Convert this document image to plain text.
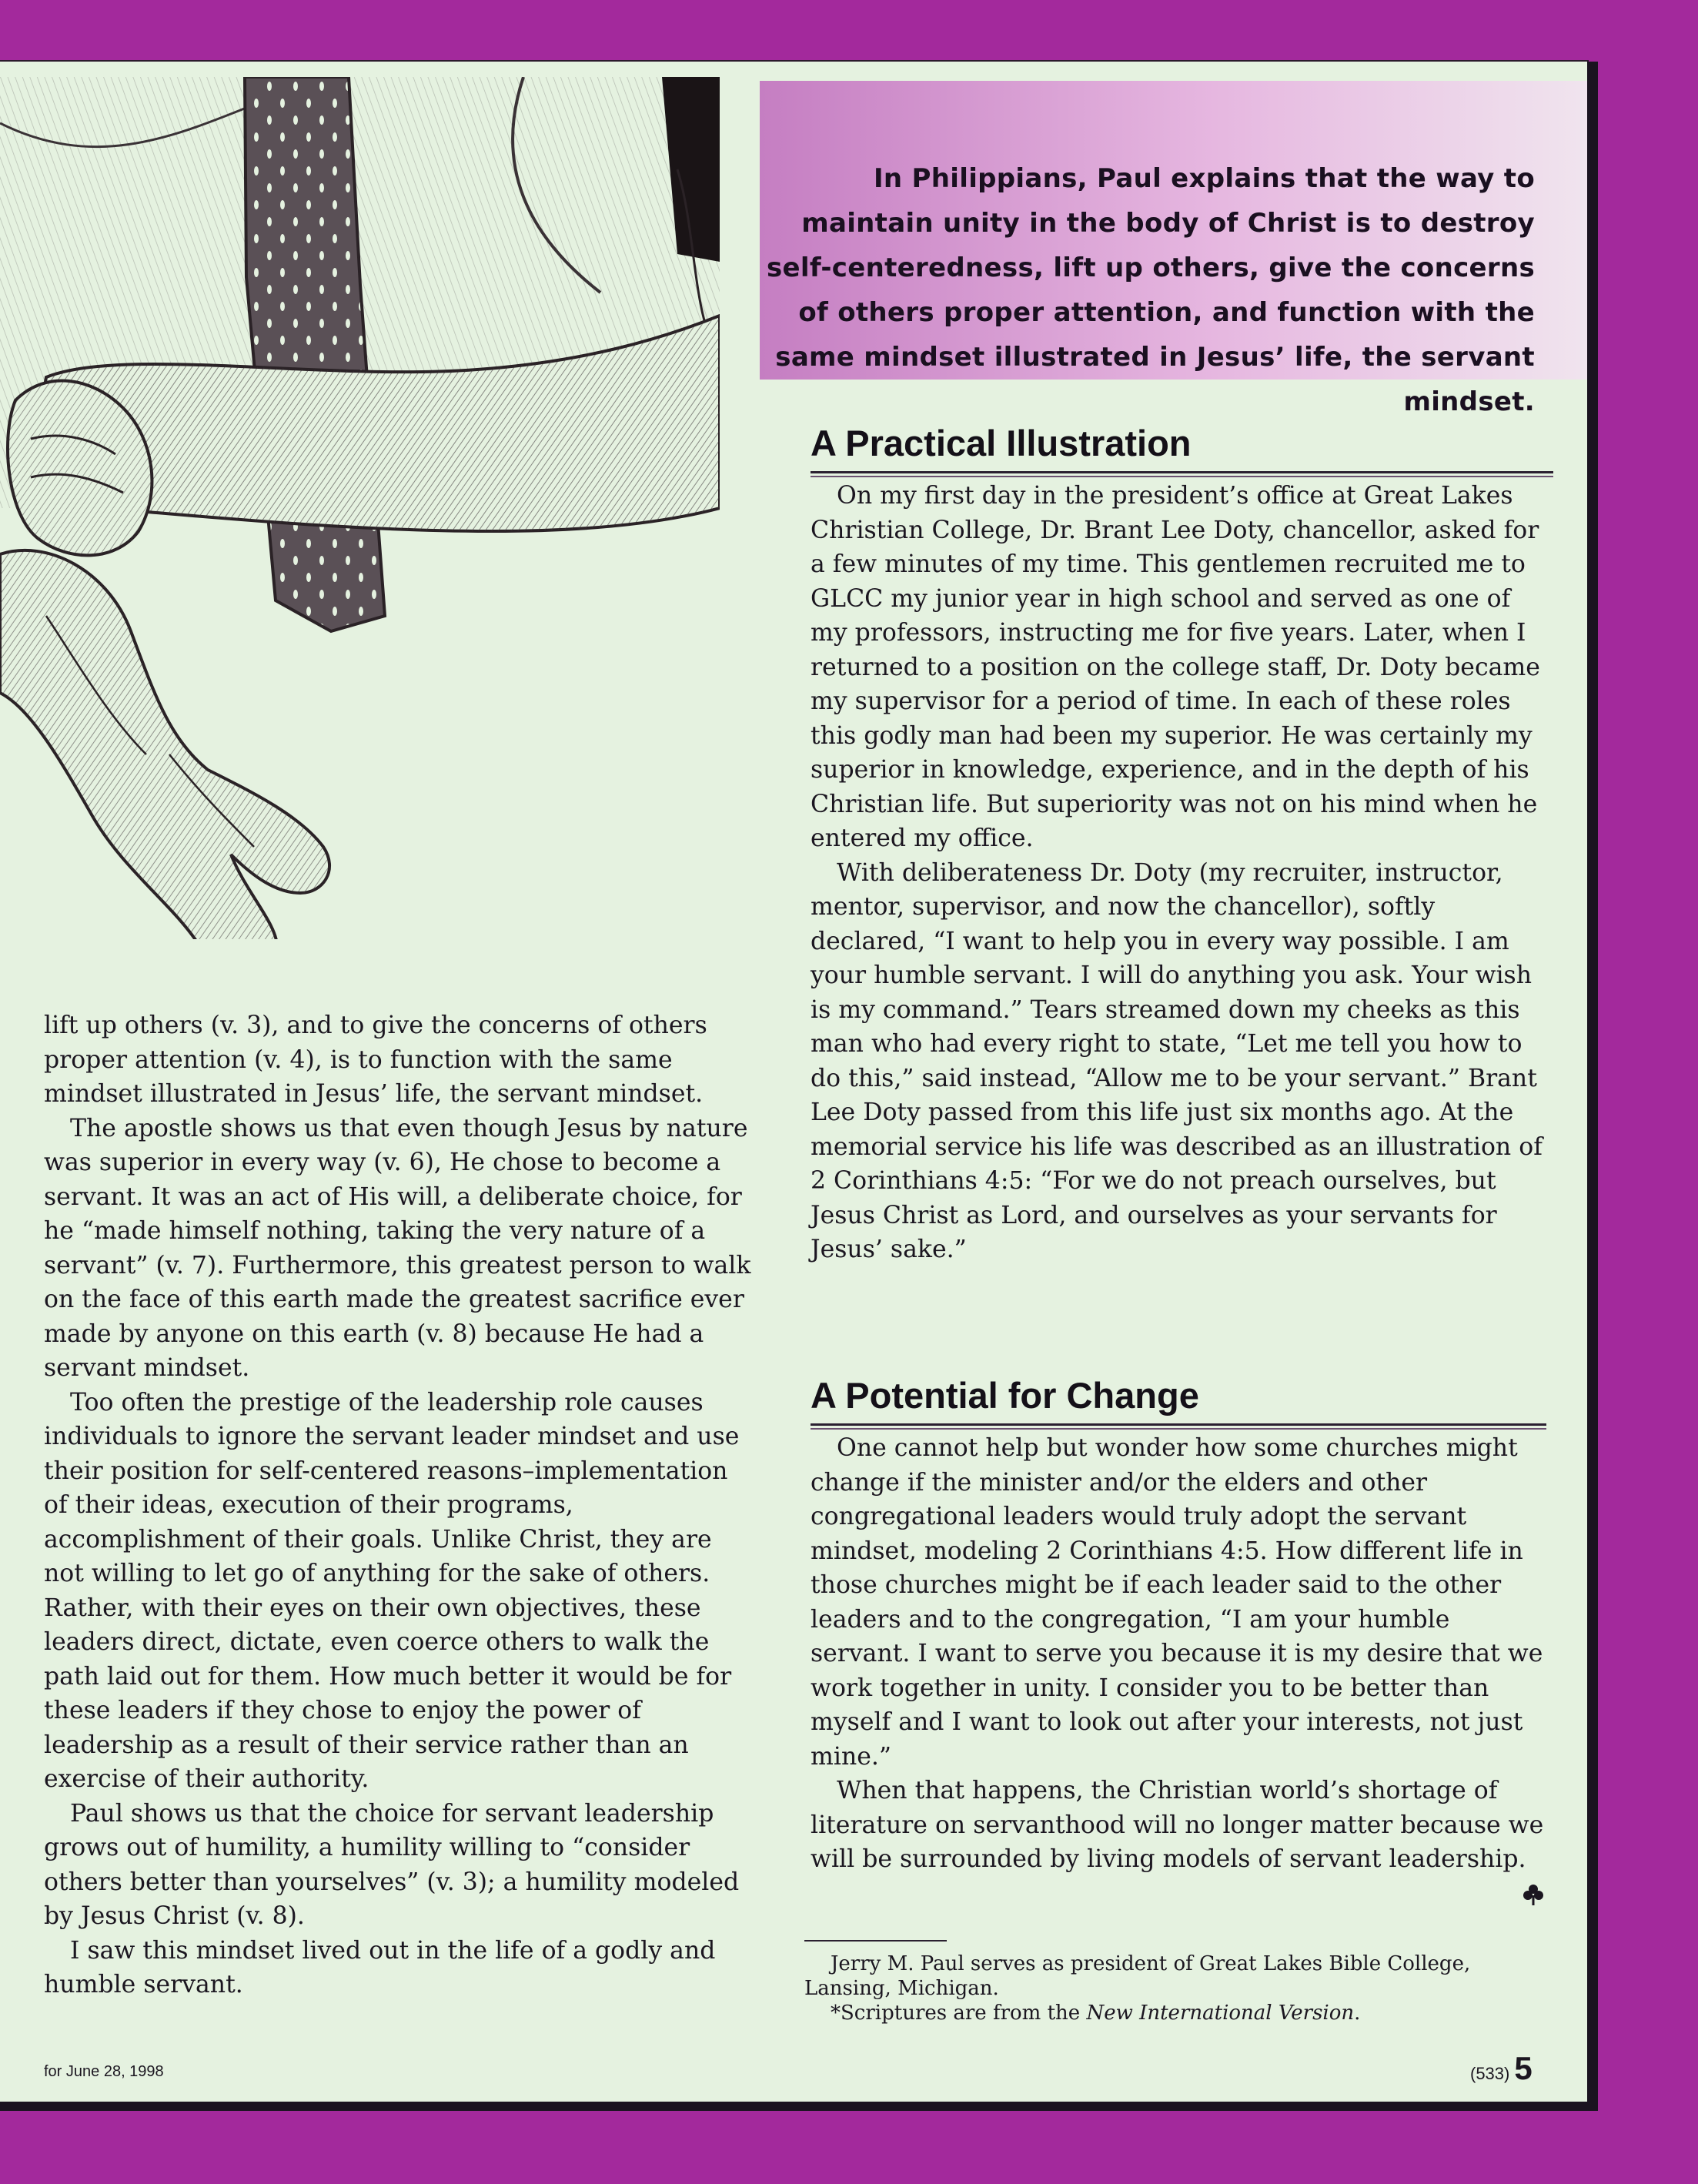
In Philippians, Paul explains that the way to maintain unity in the body of Christ is to destroy self-centeredness, lift up others, give the concerns of others proper attention, and function with the same mindset illustrated in Jesus’ life, the servant mindset.

lift up others (v. 3), and to give the concerns of others proper attention (v. 4), is to function with the same mindset illustrated in Jesus’ life, the servant mindset.

The apostle shows us that even though Jesus by nature was superior in every way (v. 6), He chose to become a servant. It was an act of His will, a deliberate choice, for he “made himself nothing, taking the very nature of a servant” (v. 7). Furthermore, this greatest person to walk on the face of this earth made the greatest sacrifice ever made by anyone on this earth (v. 8) because He had a servant mindset.

Too often the prestige of the leadership role causes individuals to ignore the servant leader mindset and use their position for self-centered reasons–implementation of their ideas, execution of their programs, accomplishment of their goals. Unlike Christ, they are not willing to let go of anything for the sake of others. Rather, with their eyes on their own objectives, these leaders direct, dictate, even coerce others to walk the path laid out for them. How much better it would be for these leaders if they chose to enjoy the power of leadership as a result of their service rather than an exercise of their authority.

Paul shows us that the choice for servant leadership grows out of humility, a humility willing to “consider others better than yourselves” (v. 3); a humility modeled by Jesus Christ (v. 8).

I saw this mindset lived out in the life of a godly and humble servant.

A Practical Illustration

On my first day in the president’s office at Great Lakes Christian College, Dr. Brant Lee Doty, chancellor, asked for a few minutes of my time. This gentlemen recruited me to GLCC my junior year in high school and served as one of my professors, instructing me for five years. Later, when I returned to a position on the college staff, Dr. Doty became my supervisor for a period of time. In each of these roles this godly man had been my superior. He was certainly my superior in knowledge, experience, and in the depth of his Christian life. But superiority was not on his mind when he entered my office.

With deliberateness Dr. Doty (my recruiter, instructor, mentor, supervisor, and now the chancellor), softly declared, “I want to help you in every way possible. I am your humble servant. I will do anything you ask. Your wish is my command.” Tears streamed down my cheeks as this man who had every right to state, “Let me tell you how to do this,” said instead, “Allow me to be your servant.” Brant Lee Doty passed from this life just six months ago. At the memorial service his life was described as an illustration of 2 Corinthians 4:5: “For we do not preach ourselves, but Jesus Christ as Lord, and ourselves as your servants for Jesus’ sake.”

A Potential for Change

One cannot help but wonder how some churches might change if the minister and/or the elders and other congregational leaders would truly adopt the servant mindset, modeling 2 Corinthians 4:5. How different life in those churches might be if each leader said to the other leaders and to the congregation, “I am your humble servant. I want to serve you because it is my desire that we work together in unity. I consider you to be better than myself and I want to look out after your interests, not just mine.”

When that happens, the Christian world’s shortage of literature on servanthood will no longer matter because we will be surrounded by living models of servant leadership.

Jerry M. Paul serves as president of Great Lakes Bible College, Lansing, Michigan.

*Scriptures are from the New International Version.

for June 28, 1998	(533) 5
